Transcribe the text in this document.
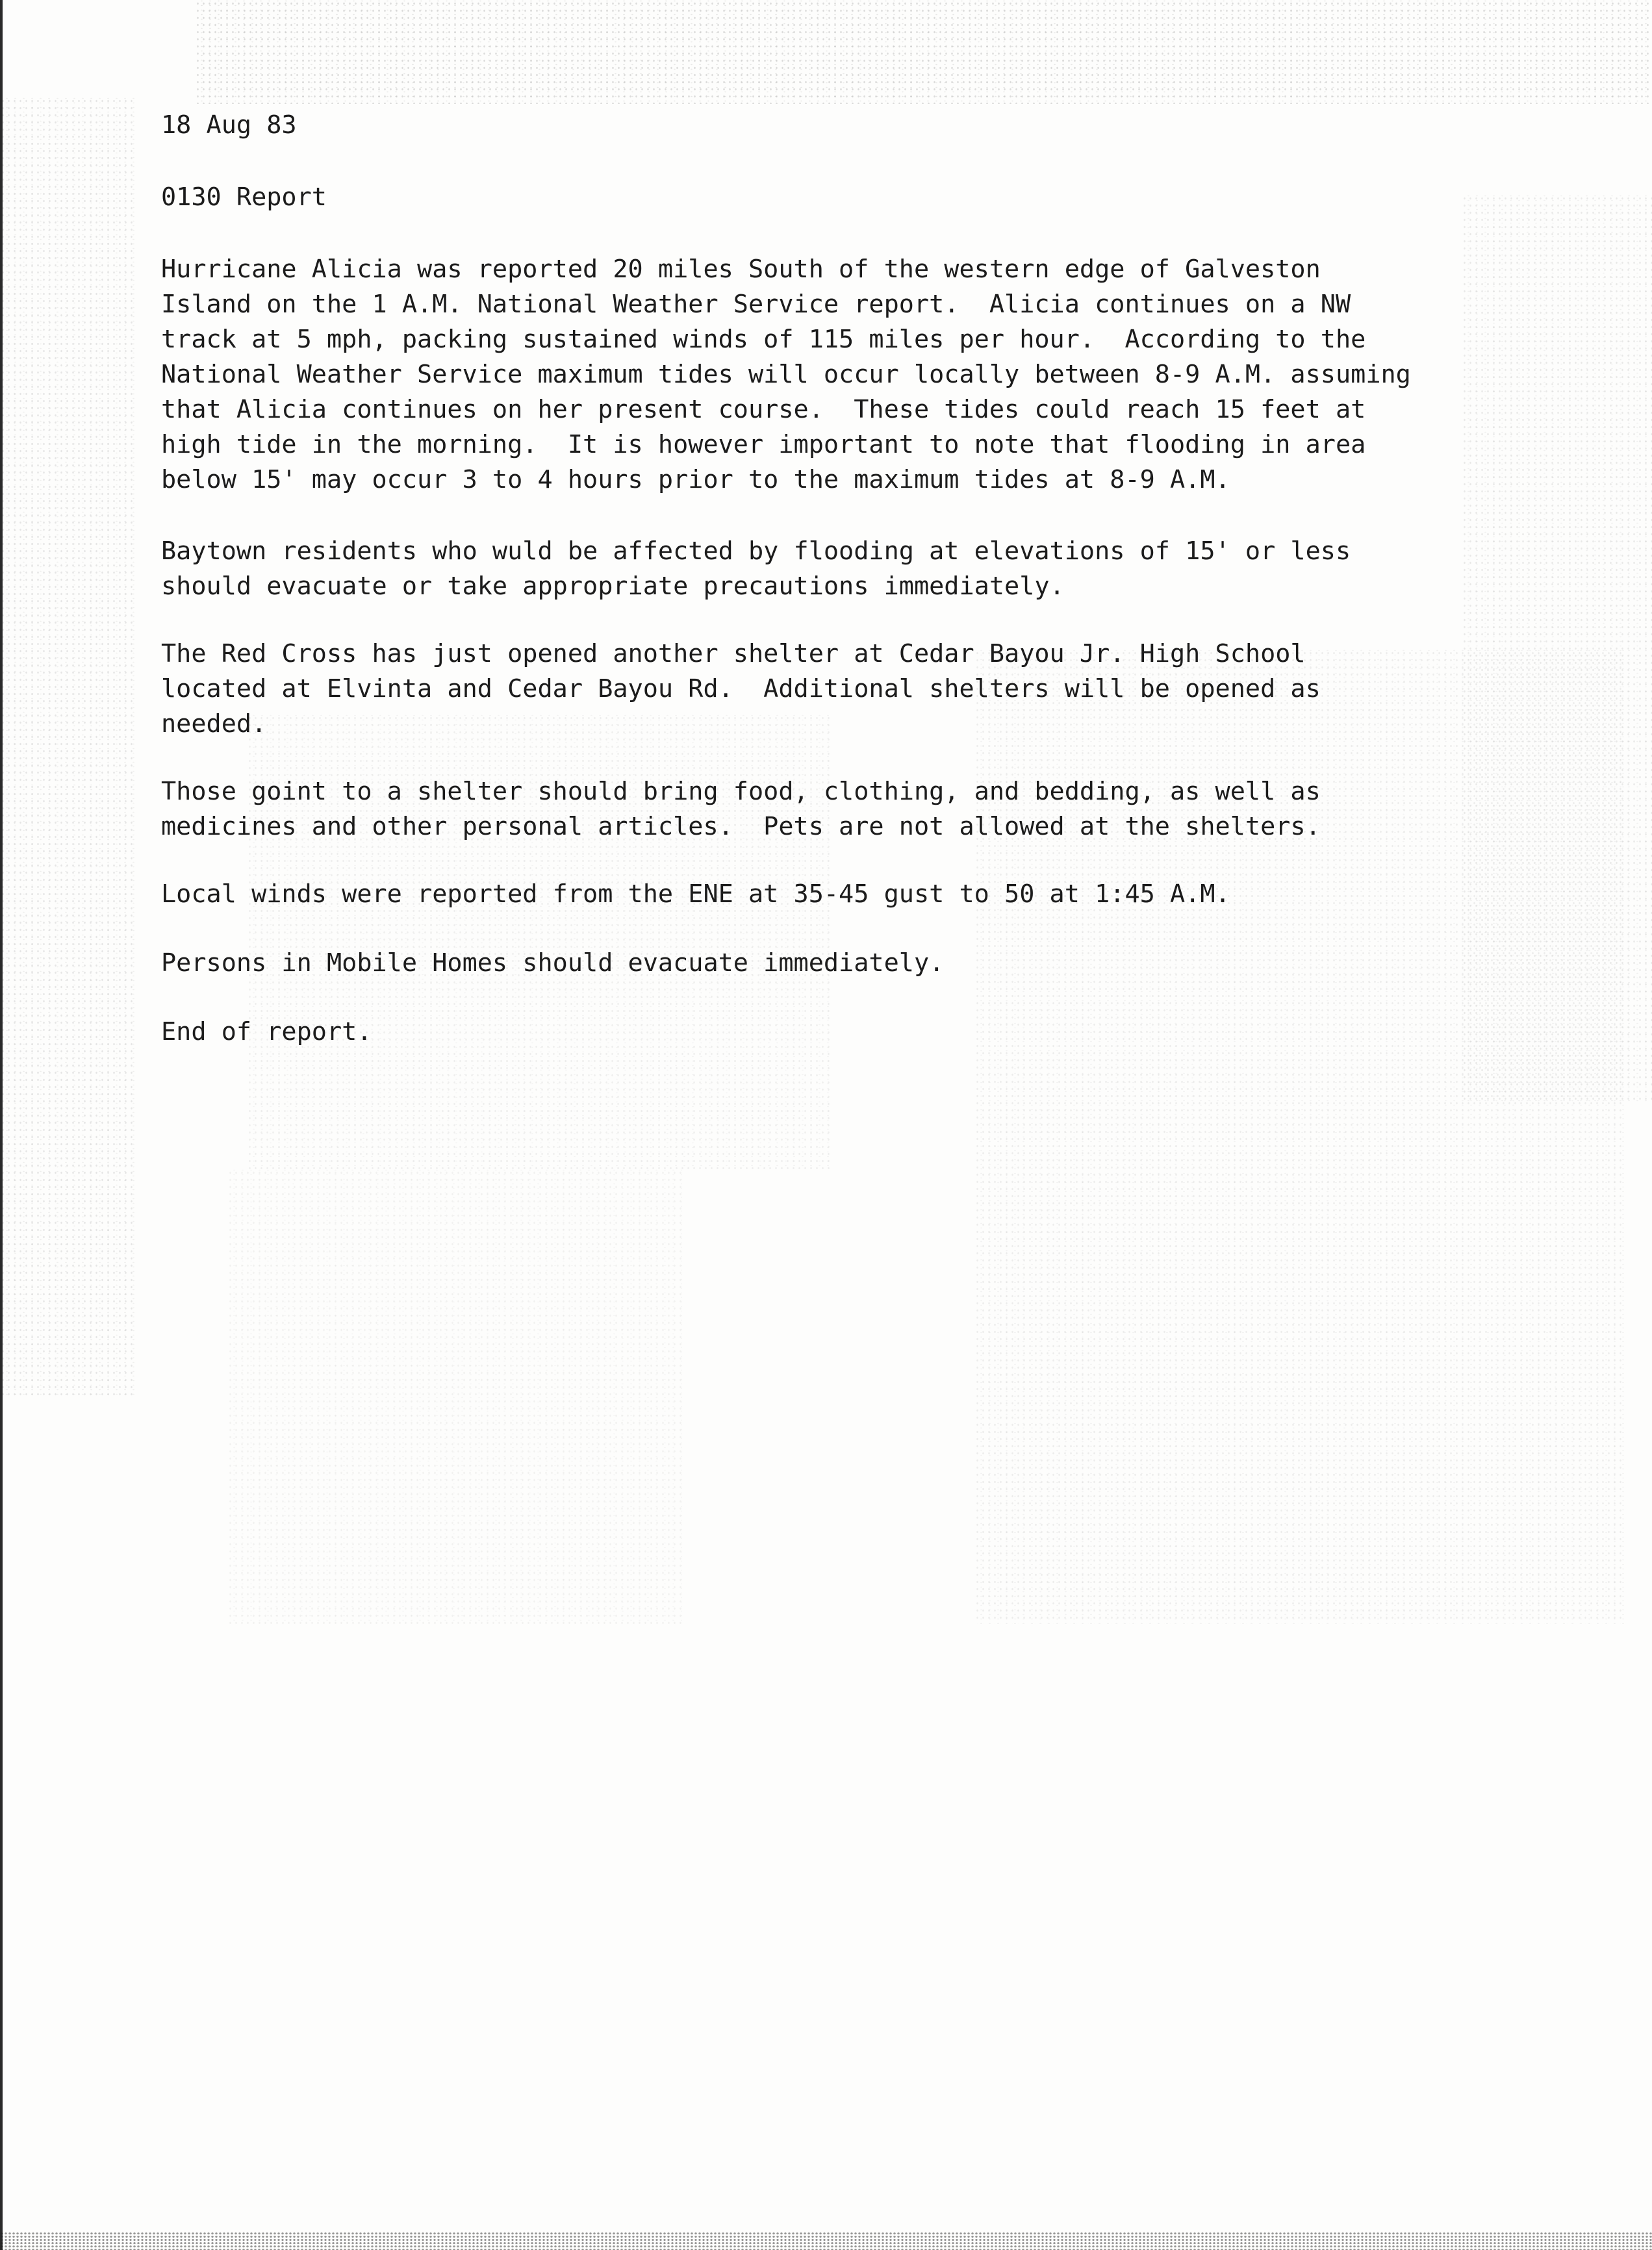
18 Aug 83

0130 Report

Hurricane Alicia was reported 20 miles South of the western edge of Galveston

Island on the 1 A.M. National Weather Service report.  Alicia continues on a NW

track at 5 mph, packing sustained winds of 115 miles per hour.  According to the

National Weather Service maximum tides will occur locally between 8-9 A.M. assuming

that Alicia continues on her present course.  These tides could reach 15 feet at

high tide in the morning.  It is however important to note that flooding in area

below 15' may occur 3 to 4 hours prior to the maximum tides at 8-9 A.M.

Baytown residents who wuld be affected by flooding at elevations of 15' or less

should evacuate or take appropriate precautions immediately.

The Red Cross has just opened another shelter at Cedar Bayou Jr. High School

located at Elvinta and Cedar Bayou Rd.  Additional shelters will be opened as

needed.

Those goint to a shelter should bring food, clothing, and bedding, as well as

medicines and other personal articles.  Pets are not allowed at the shelters.

Local winds were reported from the ENE at 35-45 gust to 50 at 1:45 A.M.

Persons in Mobile Homes should evacuate immediately.

End of report.
